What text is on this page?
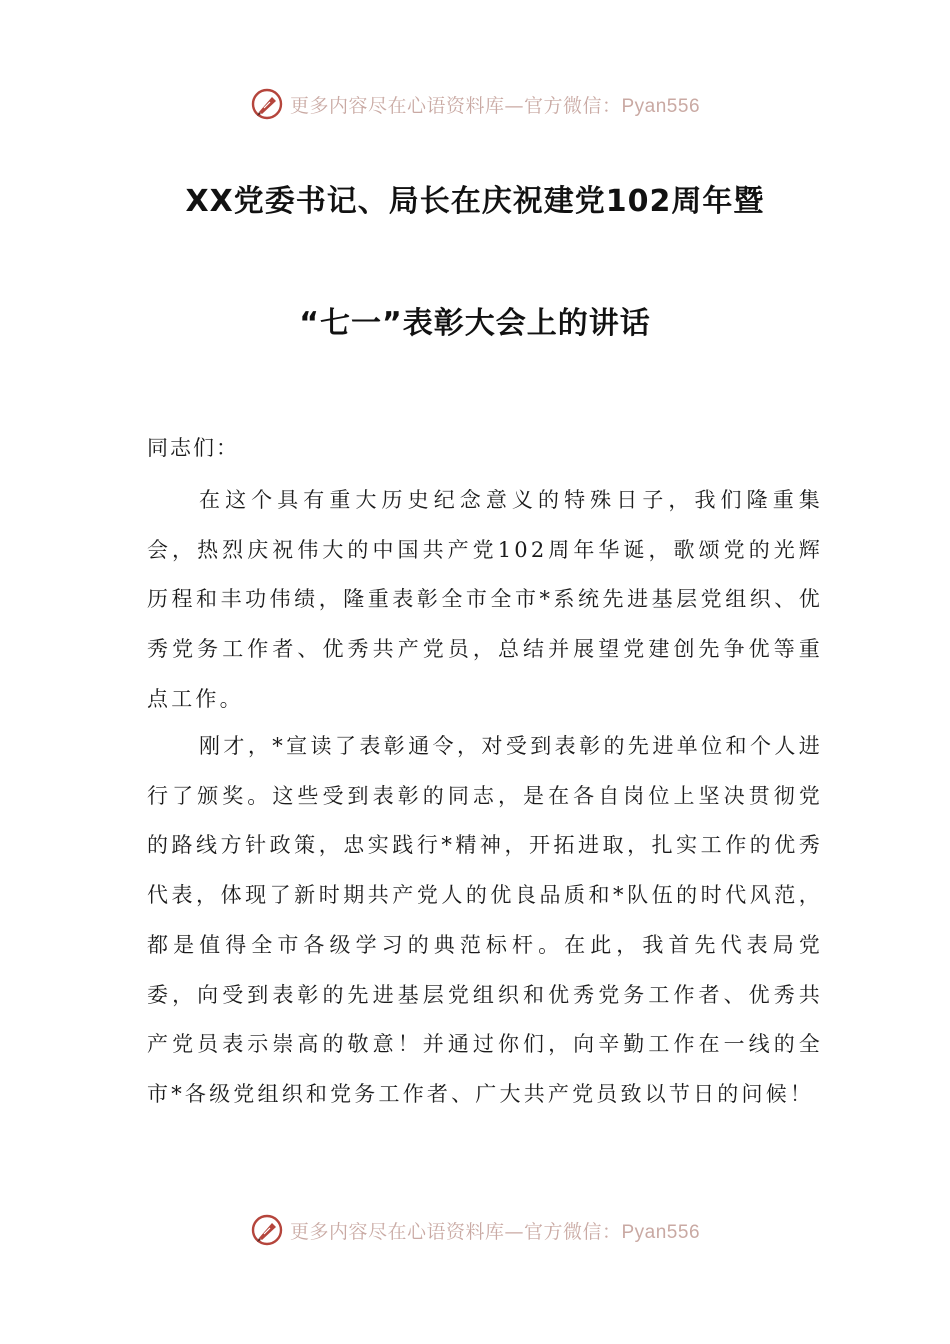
更多内容尽在心语资料库—官方微信：Pyan556
XX党委书记、局长在庆祝建党102周年暨
“七一”表彰大会上的讲话
同志们：

在这个具有重大历史纪念意义的特殊日子，我们隆重集会，热烈庆祝伟大的中国共产党102周年华诞，歌颂党的光辉历程和丰功伟绩，隆重表彰全市全市*系统先进基层党组织、优秀党务工作者、优秀共产党员，总结并展望党建创先争优等重点工作。

刚才，*宣读了表彰通令，对受到表彰的先进单位和个人进行了颁奖。这些受到表彰的同志，是在各自岗位上坚决贯彻党的路线方针政策，忠实践行*精神，开拓进取，扎实工作的优秀代表，体现了新时期共产党人的优良品质和*队伍的时代风范，都是值得全市各级学习的典范标杆。在此，我首先代表局党委，向受到表彰的先进基层党组织和优秀党务工作者、优秀共产党员表示崇高的敬意！并通过你们，向辛勤工作在一线的全市*各级党组织和党务工作者、广大共产党员致以节日的问候！

更多内容尽在心语资料库—官方微信：Pyan556
